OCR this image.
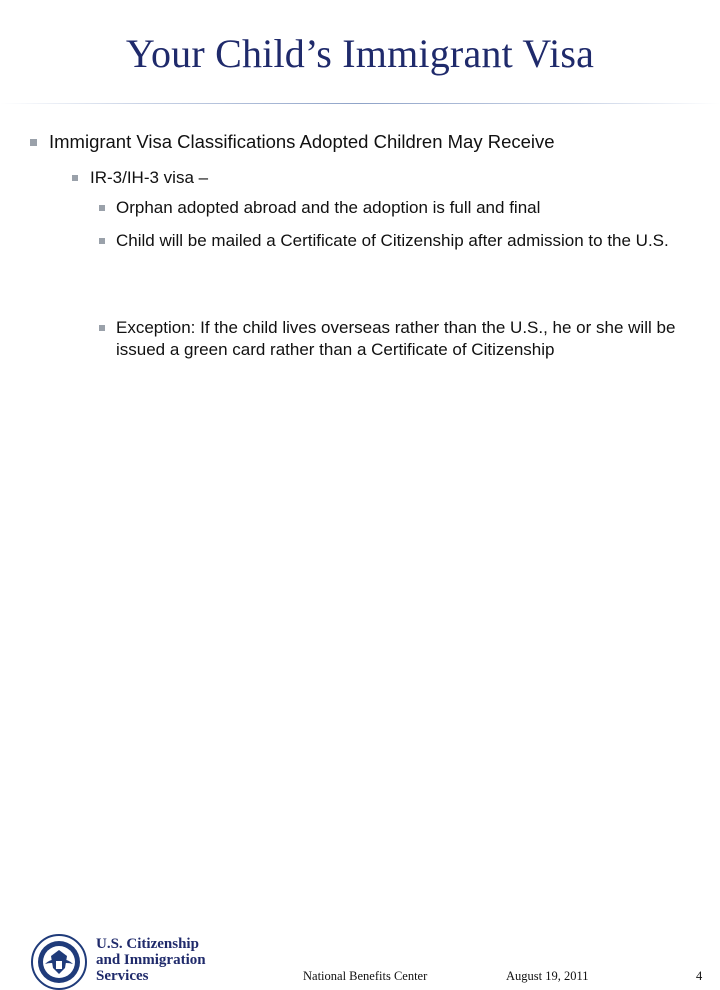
Your Child’s Immigrant Visa
Immigrant Visa Classifications Adopted Children May Receive
IR-3/IH-3 visa –
Orphan adopted abroad and the adoption is full and final
Child will be mailed a Certificate of Citizenship after admission to the U.S.
Exception: If the child lives overseas rather than the U.S., he or she will be issued a green card rather than a Certificate of Citizenship
U.S. Citizenship
and Immigration
Services	National Benefits Center	August 19, 2011	4
